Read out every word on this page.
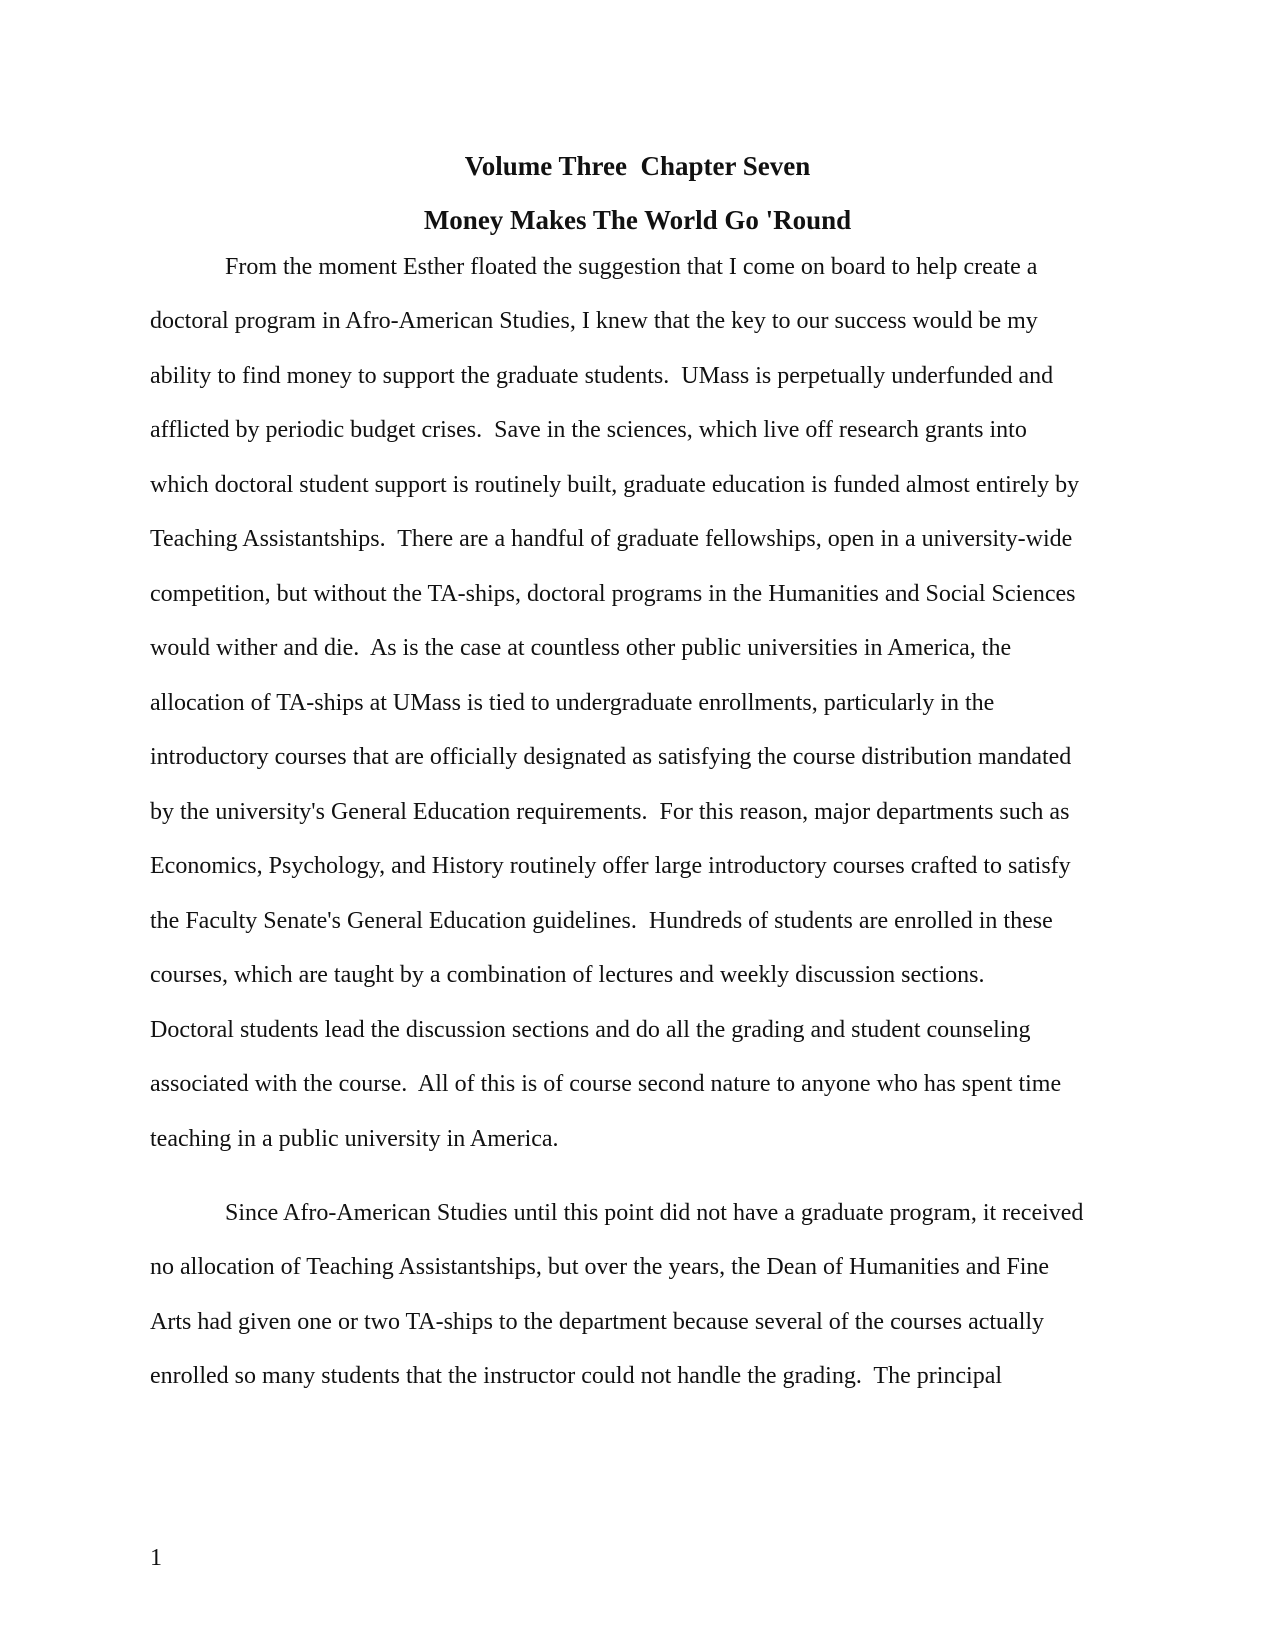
Volume Three  Chapter Seven
Money Makes The World Go 'Round
From the moment Esther floated the suggestion that I come on board to help create a
doctoral program in Afro-American Studies, I knew that the key to our success would be my
ability to find money to support the graduate students.  UMass is perpetually underfunded and
afflicted by periodic budget crises.  Save in the sciences, which live off research grants into
which doctoral student support is routinely built, graduate education is funded almost entirely by
Teaching Assistantships.  There are a handful of graduate fellowships, open in a university-wide
competition, but without the TA-ships, doctoral programs in the Humanities and Social Sciences
would wither and die.  As is the case at countless other public universities in America, the
allocation of TA-ships at UMass is tied to undergraduate enrollments, particularly in the
introductory courses that are officially designated as satisfying the course distribution mandated
by the university's General Education requirements.  For this reason, major departments such as
Economics, Psychology, and History routinely offer large introductory courses crafted to satisfy
the Faculty Senate's General Education guidelines.  Hundreds of students are enrolled in these
courses, which are taught by a combination of lectures and weekly discussion sections.
Doctoral students lead the discussion sections and do all the grading and student counseling
associated with the course.  All of this is of course second nature to anyone who has spent time
teaching in a public university in America.
Since Afro-American Studies until this point did not have a graduate program, it received
no allocation of Teaching Assistantships, but over the years, the Dean of Humanities and Fine
Arts had given one or two TA-ships to the department because several of the courses actually
enrolled so many students that the instructor could not handle the grading.  The principal
1
